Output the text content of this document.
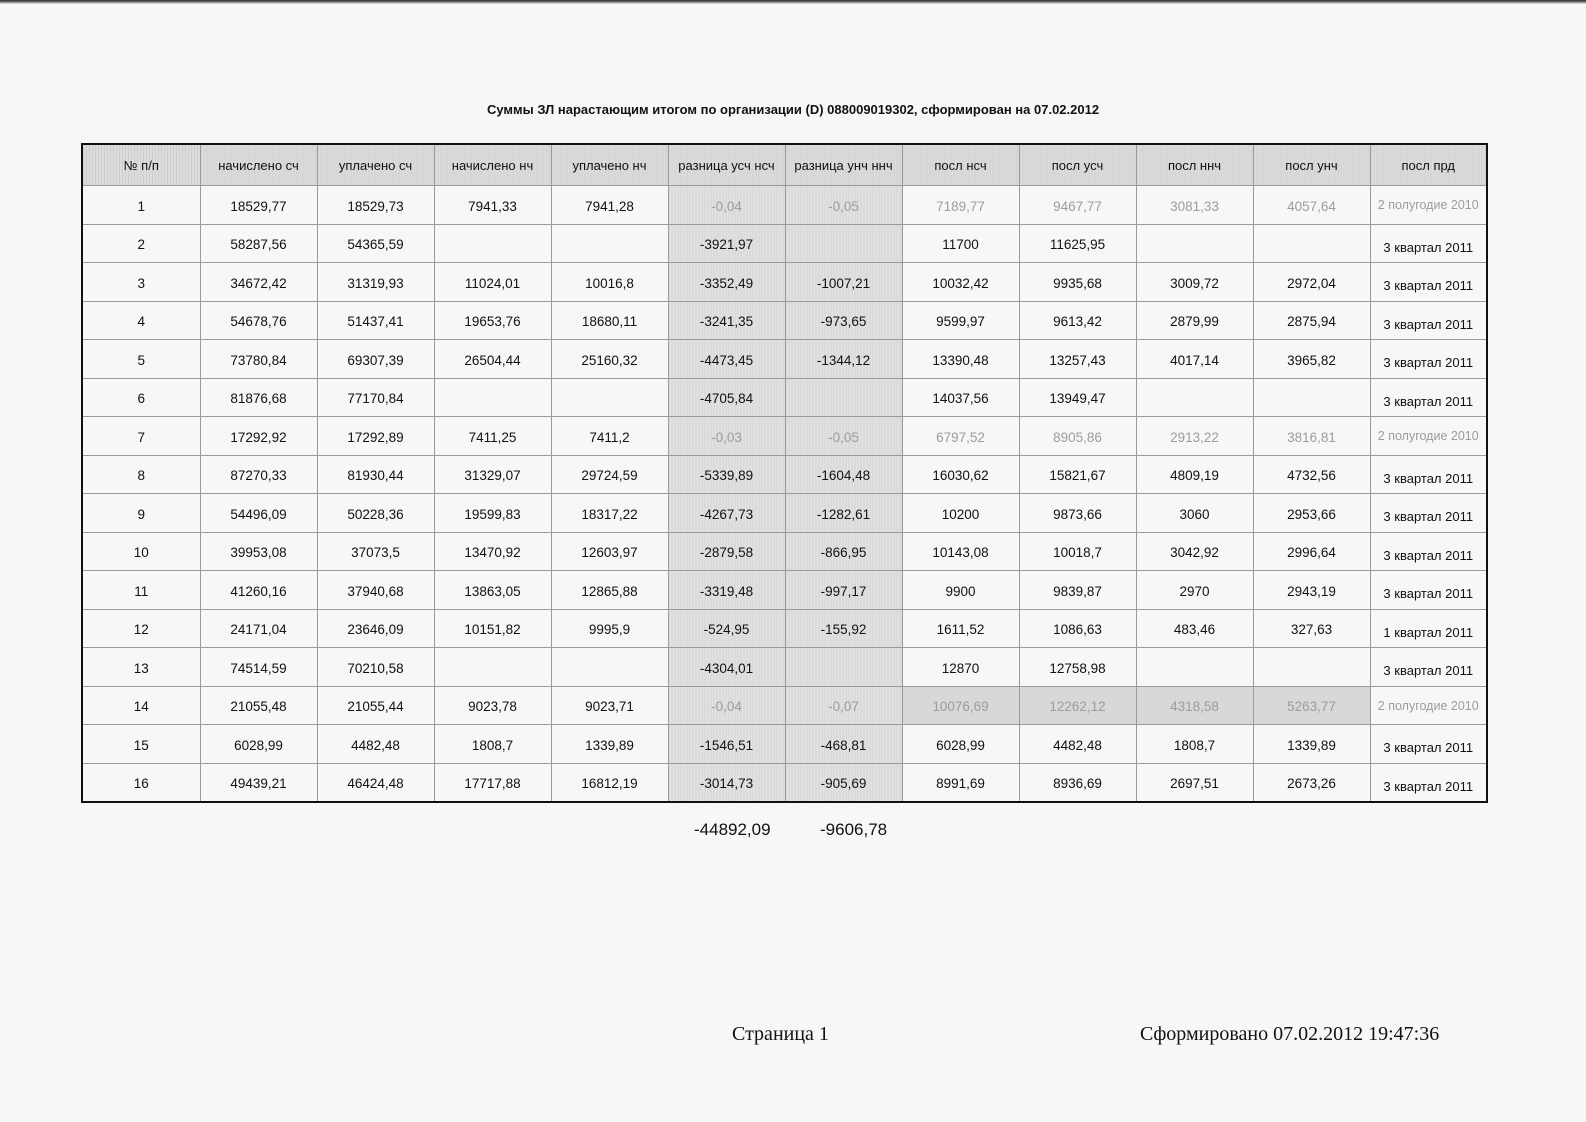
Суммы ЗЛ нарастающим итогом по организации (D) 088009019302, сформирован на 07.02.2012
№ п/п	начислено сч	уплачено сч	начислено нч	уплачено нч	разница усч нсч	разница унч ннч	посл нсч	посл усч	посл ннч	посл унч	посл прд
1	18529,77	18529,73	7941,33	7941,28	-0,04	-0,05	7189,77	9467,77	3081,33	4057,64	2 полугодие 2010
2	58287,56	54365,59			-3921,97		11700	11625,95			3 квартал 2011
3	34672,42	31319,93	11024,01	10016,8	-3352,49	-1007,21	10032,42	9935,68	3009,72	2972,04	3 квартал 2011
4	54678,76	51437,41	19653,76	18680,11	-3241,35	-973,65	9599,97	9613,42	2879,99	2875,94	3 квартал 2011
5	73780,84	69307,39	26504,44	25160,32	-4473,45	-1344,12	13390,48	13257,43	4017,14	3965,82	3 квартал 2011
6	81876,68	77170,84			-4705,84		14037,56	13949,47			3 квартал 2011
7	17292,92	17292,89	7411,25	7411,2	-0,03	-0,05	6797,52	8905,86	2913,22	3816,81	2 полугодие 2010
8	87270,33	81930,44	31329,07	29724,59	-5339,89	-1604,48	16030,62	15821,67	4809,19	4732,56	3 квартал 2011
9	54496,09	50228,36	19599,83	18317,22	-4267,73	-1282,61	10200	9873,66	3060	2953,66	3 квартал 2011
10	39953,08	37073,5	13470,92	12603,97	-2879,58	-866,95	10143,08	10018,7	3042,92	2996,64	3 квартал 2011
11	41260,16	37940,68	13863,05	12865,88	-3319,48	-997,17	9900	9839,87	2970	2943,19	3 квартал 2011
12	24171,04	23646,09	10151,82	9995,9	-524,95	-155,92	1611,52	1086,63	483,46	327,63	1 квартал 2011
13	74514,59	70210,58			-4304,01		12870	12758,98			3 квартал 2011
14	21055,48	21055,44	9023,78	9023,71	-0,04	-0,07	10076,69	12262,12	4318,58	5263,77	2 полугодие 2010
15	6028,99	4482,48	1808,7	1339,89	-1546,51	-468,81	6028,99	4482,48	1808,7	1339,89	3 квартал 2011
16	49439,21	46424,48	17717,88	16812,19	-3014,73	-905,69	8991,69	8936,69	2697,51	2673,26	3 квартал 2011
-44892,09	-9606,78
Страница 1	Сформировано 07.02.2012 19:47:36
